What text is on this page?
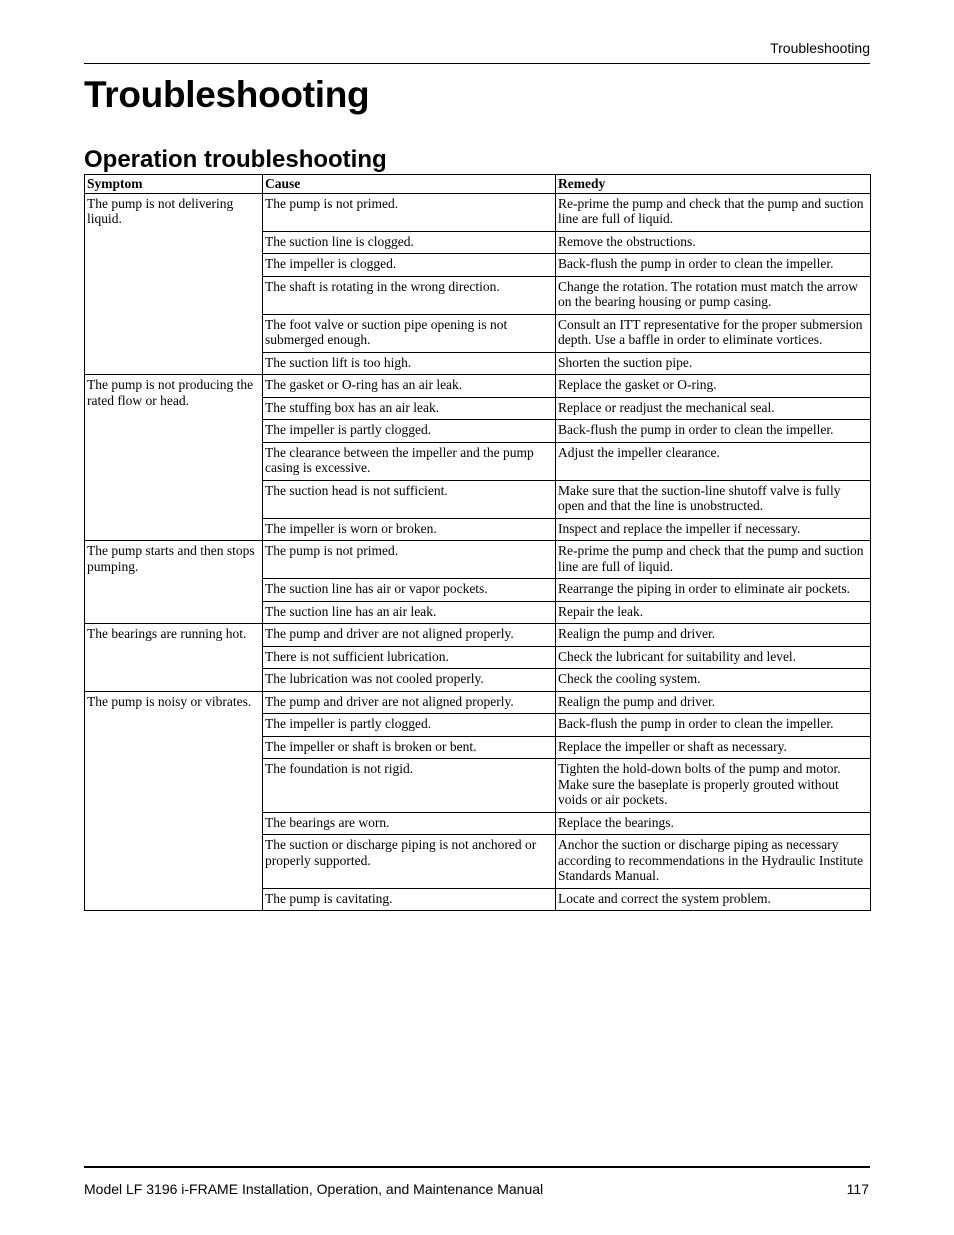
Troubleshooting
Troubleshooting
Operation troubleshooting
Symptom	Cause	Remedy
The pump is not delivering liquid.	The pump is not primed.	Re-prime the pump and check that the pump and suction line are full of liquid.
	The suction line is clogged.	Remove the obstructions.
	The impeller is clogged.	Back-flush the pump in order to clean the impeller.
	The shaft is rotating in the wrong direction.	Change the rotation. The rotation must match the arrow on the bearing housing or pump casing.
	The foot valve or suction pipe opening is not submerged enough.	Consult an ITT representative for the proper submersion depth. Use a baffle in order to eliminate vortices.
	The suction lift is too high.	Shorten the suction pipe.
The pump is not producing the rated flow or head.	The gasket or O-ring has an air leak.	Replace the gasket or O-ring.
	The stuffing box has an air leak.	Replace or readjust the mechanical seal.
	The impeller is partly clogged.	Back-flush the pump in order to clean the impeller.
	The clearance between the impeller and the pump casing is excessive.	Adjust the impeller clearance.
	The suction head is not sufficient.	Make sure that the suction-line shutoff valve is fully open and that the line is unobstructed.
	The impeller is worn or broken.	Inspect and replace the impeller if necessary.
The pump starts and then stops pumping.	The pump is not primed.	Re-prime the pump and check that the pump and suction line are full of liquid.
	The suction line has air or vapor pockets.	Rearrange the piping in order to eliminate air pockets.
	The suction line has an air leak.	Repair the leak.
The bearings are running hot.	The pump and driver are not aligned properly.	Realign the pump and driver.
	There is not sufficient lubrication.	Check the lubricant for suitability and level.
	The lubrication was not cooled properly.	Check the cooling system.
The pump is noisy or vibrates.	The pump and driver are not aligned properly.	Realign the pump and driver.
	The impeller is partly clogged.	Back-flush the pump in order to clean the impeller.
	The impeller or shaft is broken or bent.	Replace the impeller or shaft as necessary.
	The foundation is not rigid.	Tighten the hold-down bolts of the pump and motor. Make sure the baseplate is properly grouted without voids or air pockets.
	The bearings are worn.	Replace the bearings.
	The suction or discharge piping is not anchored or properly supported.	Anchor the suction or discharge piping as necessary according to recommendations in the Hydraulic Institute Standards Manual.
	The pump is cavitating.	Locate and correct the system problem.
Model LF 3196 i-FRAME Installation, Operation, and Maintenance Manual	117
